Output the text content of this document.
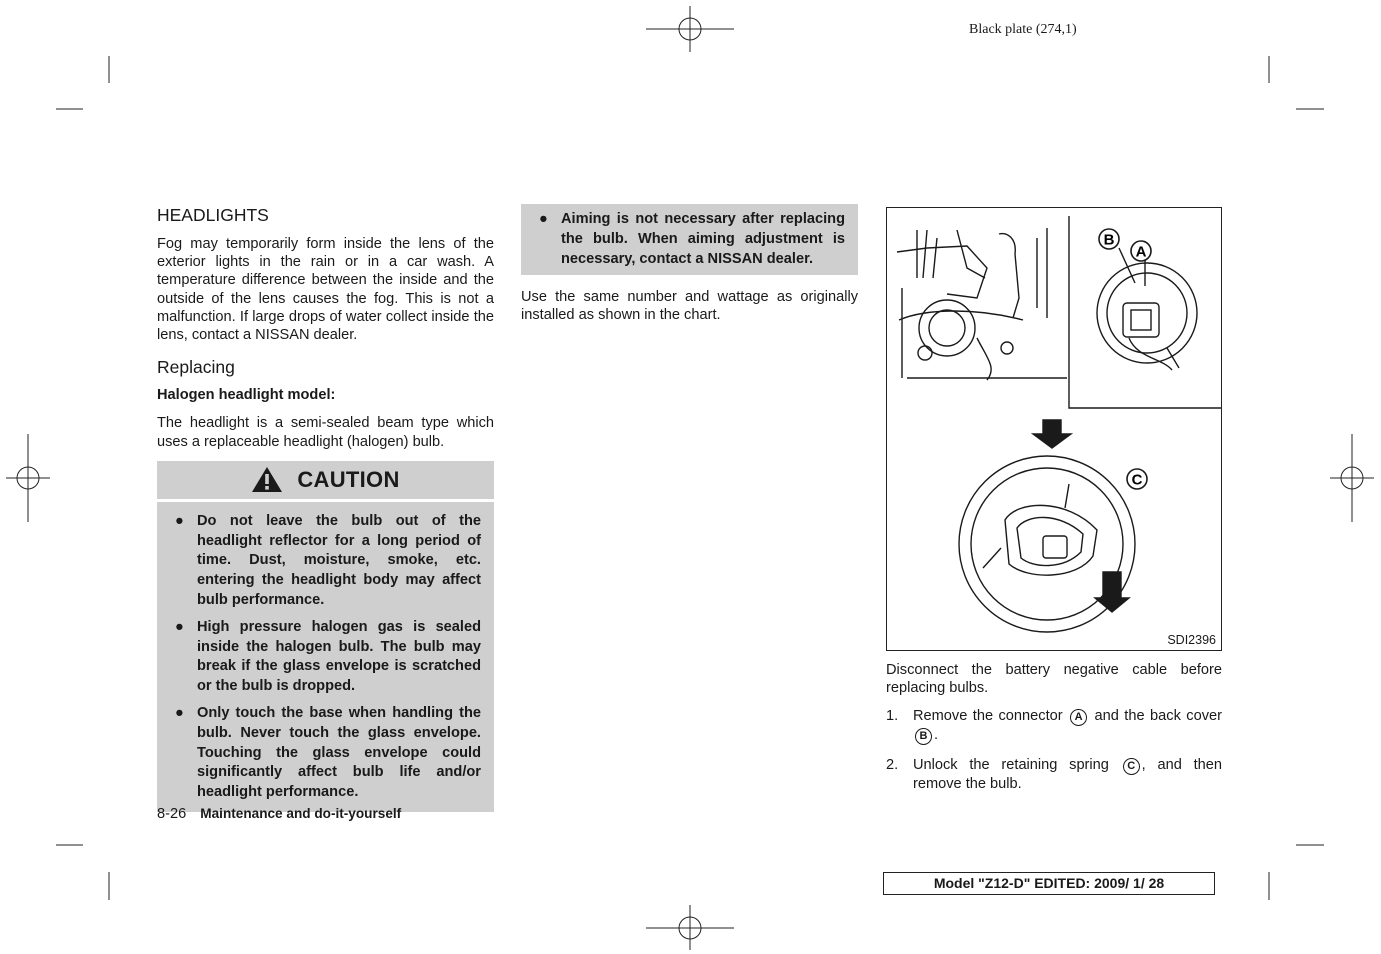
Black plate (274,1)
HEADLIGHTS

Fog may temporarily form inside the lens of the exterior lights in the rain or in a car wash. A temperature difference between the inside and the outside of the lens causes the fog. This is not a malfunction. If large drops of water collect inside the lens, contact a NISSAN dealer.

Replacing

Halogen headlight model:

The headlight is a semi-sealed beam type which uses a replaceable headlight (halogen) bulb.

CAUTION
● Do not leave the bulb out of the headlight reflector for a long period of time. Dust, moisture, smoke, etc. entering the headlight body may affect bulb performance.
● High pressure halogen gas is sealed inside the halogen bulb. The bulb may break if the glass envelope is scratched or the bulb is dropped.
● Only touch the base when handling the bulb. Never touch the glass envelope. Touching the glass envelope could significantly affect bulb life and/or headlight performance.
● Aiming is not necessary after replacing the bulb. When aiming adjustment is necessary, contact a NISSAN dealer.

Use the same number and wattage as originally installed as shown in the chart.

B
A
C
SDI2396

Disconnect the battery negative cable before replacing bulbs.

1. Remove the connector A and the back cover B .
2. Unlock the retaining spring C , and then remove the bulb.
8-26 Maintenance and do-it-yourself
Model "Z12-D" EDITED: 2009/ 1/ 28
